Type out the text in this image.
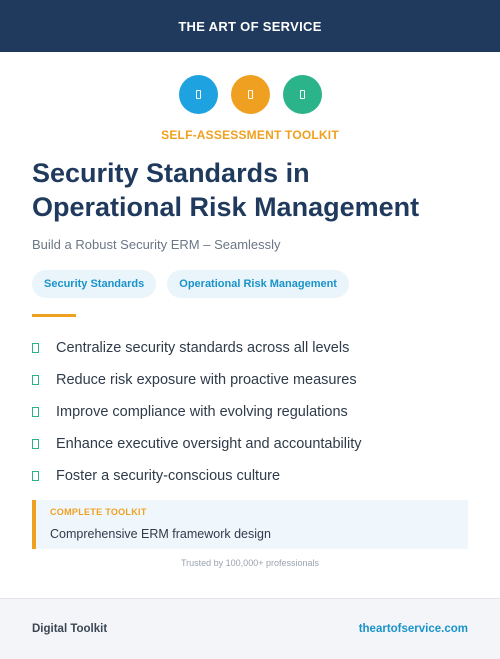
THE ART OF SERVICE
SELF-ASSESSMENT TOOLKIT
Security Standards in
Operational Risk Management
Build a Robust Security ERM – Seamlessly
Security Standards	Operational Risk Management
Centralize security standards across all levels
Reduce risk exposure with proactive measures
Improve compliance with evolving regulations
Enhance executive oversight and accountability
Foster a security-conscious culture
COMPLETE TOOLKIT
Comprehensive ERM framework design
Trusted by 100,000+ professionals
Digital Toolkit	theartofservice.com
